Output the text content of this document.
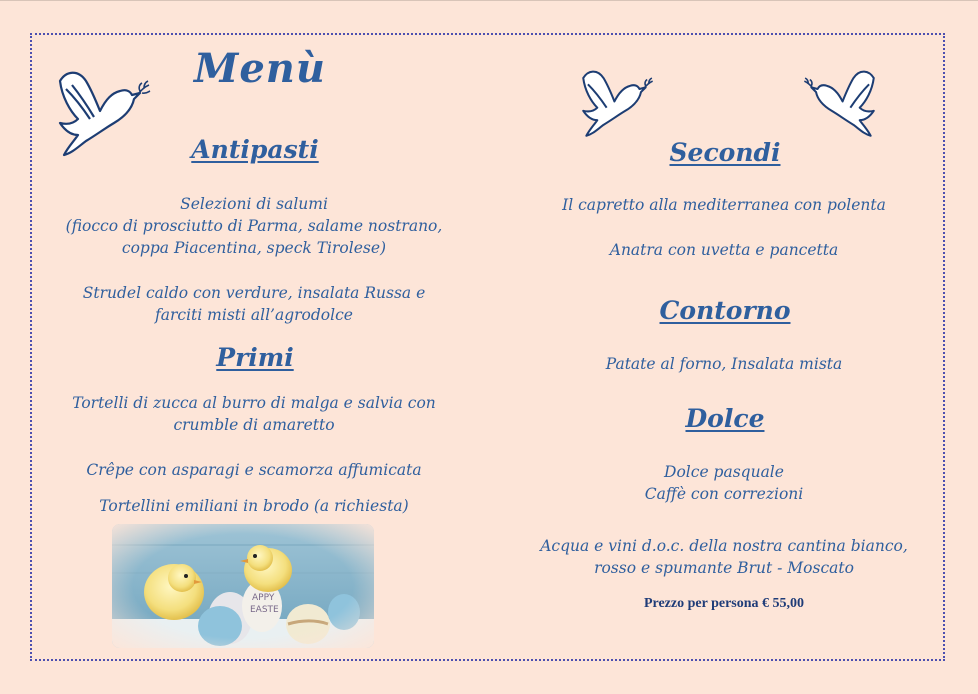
Menù
Antipasti
Selezioni di salumi
(fiocco di prosciutto di Parma, salame nostrano,
coppa Piacentina, speck Tirolese)
Strudel caldo con verdure, insalata Russa e
farciti misti all’agrodolce
Primi
Tortelli di zucca al burro di malga e salvia con
crumble di amaretto
Crêpe con asparagi e scamorza affumicata
Tortellini emiliani in brodo (a richiesta)
Secondi
Il capretto alla mediterranea con polenta
Anatra con uvetta e pancetta
Contorno
Patate al forno, Insalata mista
Dolce
Dolce pasquale
Caffè con correzioni
Acqua e vini d.o.c. della nostra cantina bianco,
rosso e spumante Brut - Moscato
Prezzo per persona € 55,00
